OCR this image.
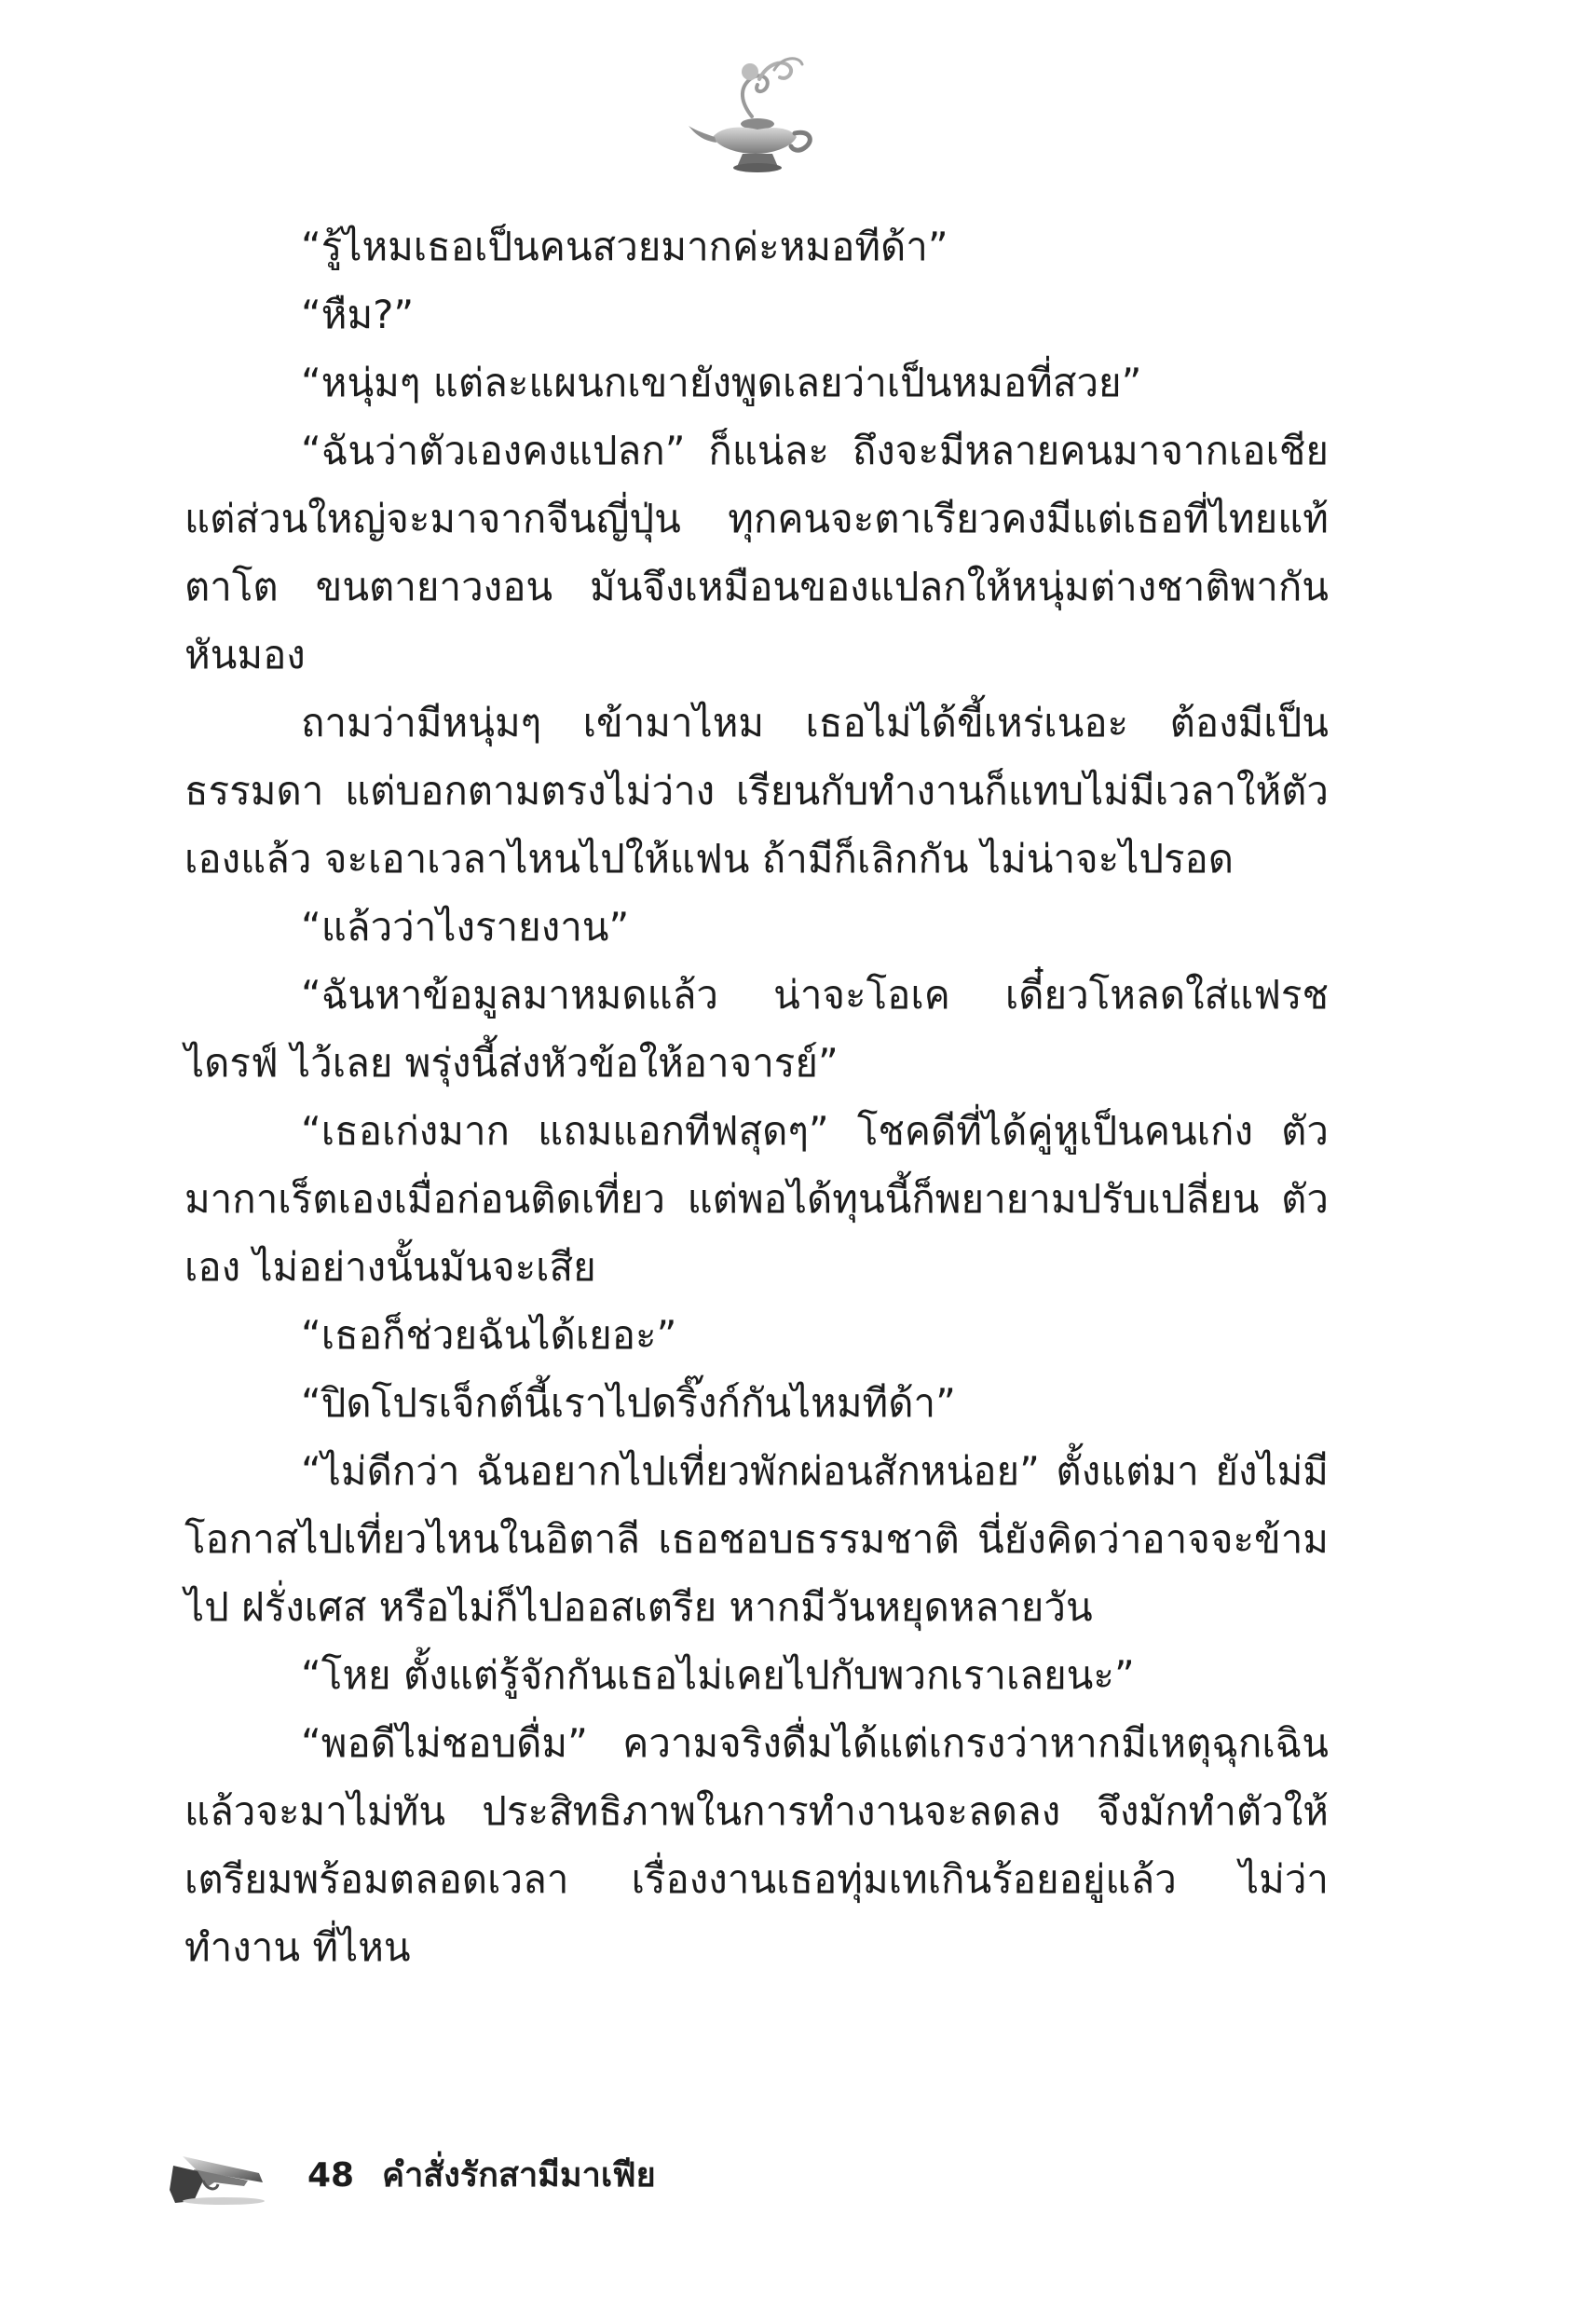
“รู้ไหมเธอเป็นคนสวยมากค่ะหมอทีด้า”

“หืม?”

“หนุ่มๆ แต่ละแผนกเขายังพูดเลยว่าเป็นหมอที่สวย”

“ฉันว่าตัวเองคงแปลก” ก็แน่ละ ถึงจะมีหลายคนมาจากเอเชีย แต่ส่วนใหญ่จะมาจากจีนญี่ปุ่น ทุกคนจะตาเรียวคงมีแต่เธอที่ไทยแท้ ตาโต ขนตายาวงอน มันจึงเหมือนของแปลกให้หนุ่มต่างชาติพากัน หันมอง

ถามว่ามีหนุ่มๆ เข้ามาไหม เธอไม่ได้ขี้เหร่เนอะ ต้องมีเป็นธรรมดา แต่บอกตามตรงไม่ว่าง เรียนกับทำงานก็แทบไม่มีเวลาให้ตัวเองแล้ว จะเอาเวลาไหนไปให้แฟน ถ้ามีก็เลิกกัน ไม่น่าจะไปรอด

“แล้วว่าไงรายงาน”

“ฉันหาข้อมูลมาหมดแล้ว น่าจะโอเค เดี๋ยวโหลดใส่แฟรชไดรฟ์ ไว้เลย พรุ่งนี้ส่งหัวข้อให้อาจารย์”

“เธอเก่งมาก แถมแอกทีฟสุดๆ” โชคดีที่ได้คู่หูเป็นคนเก่ง ตัวมากาเร็ตเองเมื่อก่อนติดเที่ยว แต่พอได้ทุนนี้ก็พยายามปรับเปลี่ยน ตัวเอง ไม่อย่างนั้นมันจะเสีย

“เธอก็ช่วยฉันได้เยอะ”

“ปิดโปรเจ็กต์นี้เราไปดริ๊งก์กันไหมทีด้า”

“ไม่ดีกว่า ฉันอยากไปเที่ยวพักผ่อนสักหน่อย” ตั้งแต่มา ยังไม่มี โอกาสไปเที่ยวไหนในอิตาลี เธอชอบธรรมชาติ นี่ยังคิดว่าอาจจะข้ามไป ฝรั่งเศส หรือไม่ก็ไปออสเตรีย หากมีวันหยุดหลายวัน

“โหย ตั้งแต่รู้จักกันเธอไม่เคยไปกับพวกเราเลยนะ”

“พอดีไม่ชอบดื่ม” ความจริงดื่มได้แต่เกรงว่าหากมีเหตุฉุกเฉิน แล้วจะมาไม่ทัน ประสิทธิภาพในการทำงานจะลดลง จึงมักทำตัวให้ เตรียมพร้อมตลอดเวลา เรื่องงานเธอทุ่มเทเกินร้อยอยู่แล้ว ไม่ว่าทำงาน ที่ไหน

48 คำสั่งรักสามีมาเฟีย
